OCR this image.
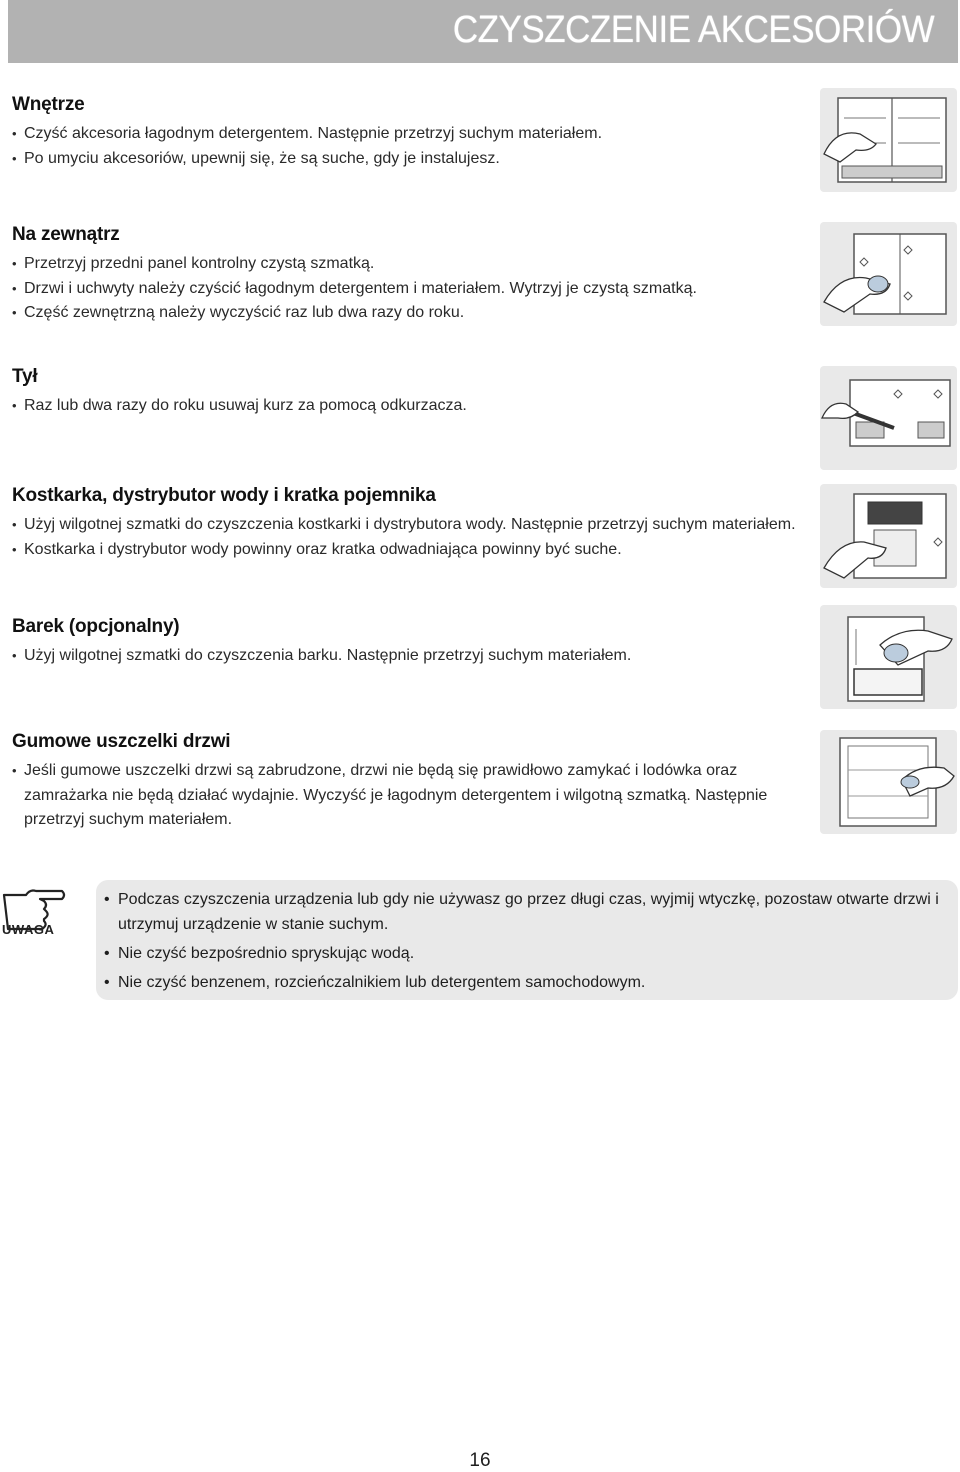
CZYSZCZENIE AKCESORIÓW
Wnętrze
• Czyść akcesoria łagodnym detergentem. Następnie przetrzyj suchym materiałem.
• Po umyciu akcesoriów, upewnij się, że są suche, gdy je instalujesz.
Na zewnątrz
• Przetrzyj przedni panel kontrolny czystą szmatką.
• Drzwi i uchwyty należy czyścić łagodnym detergentem i materiałem. Wytrzyj je czystą szmatką.
• Część zewnętrzną należy wyczyścić raz lub dwa razy do roku.
Tył
• Raz lub dwa razy do roku usuwaj kurz za pomocą odkurzacza.
Kostkarka, dystrybutor wody i kratka pojemnika
• Użyj wilgotnej szmatki do czyszczenia kostkarki i dystrybutora wody. Następnie przetrzyj suchym materiałem.
• Kostkarka i dystrybutor wody powinny oraz kratka odwadniająca powinny być suche.
Barek (opcjonalny)
• Użyj wilgotnej szmatki do czyszczenia barku. Następnie przetrzyj suchym materiałem.
Gumowe uszczelki drzwi
• Jeśli gumowe uszczelki drzwi są zabrudzone, drzwi nie będą się prawidłowo zamykać i lodówka oraz zamrażarka nie będą działać wydajnie. Wyczyść je łagodnym detergentem i wilgotną szmatką. Następnie przetrzyj suchym materiałem.
UWAGA
• Podczas czyszczenia urządzenia lub gdy nie używasz go przez długi czas, wyjmij wtyczkę, pozostaw otwarte drzwi i utrzymuj urządzenie w stanie suchym.
• Nie czyść bezpośrednio spryskując wodą.
• Nie czyść benzenem, rozcieńczalnikiem lub detergentem samochodowym.
16
